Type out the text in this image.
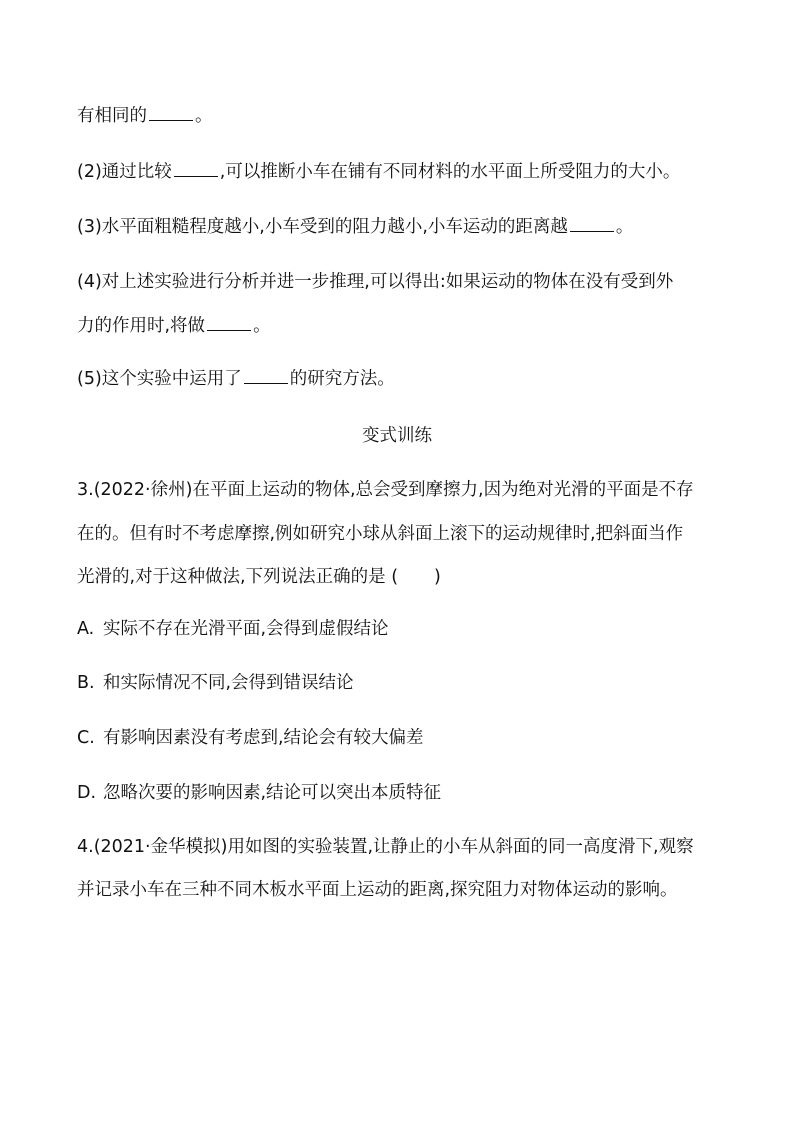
有相同的	。
(2)通过比较	,可以推断小车在铺有不同材料的水平面上所受阻力的大小。
(3)水平面粗糙程度越小,小车受到的阻力越小,小车运动的距离越	。
(4)对上述实验进行分析并进一步推理,可以得出:如果运动的物体在没有受到外
力的作用时,将做	。
(5)这个实验中运用了	的研究方法。
变式训练
3.(2022·徐州)在平面上运动的物体,总会受到摩擦力,因为绝对光滑的平面是不存
在的。但有时不考虑摩擦,例如研究小球从斜面上滚下的运动规律时,把斜面当作
光滑的,对于这种做法,下列说法正确的是 ( )
A. 实际不存在光滑平面,会得到虚假结论
B. 和实际情况不同,会得到错误结论
C. 有影响因素没有考虑到,结论会有较大偏差
D. 忽略次要的影响因素,结论可以突出本质特征
4.(2021·金华模拟)用如图的实验装置,让静止的小车从斜面的同一高度滑下,观察
并记录小车在三种不同木板水平面上运动的距离,探究阻力对物体运动的影响。
